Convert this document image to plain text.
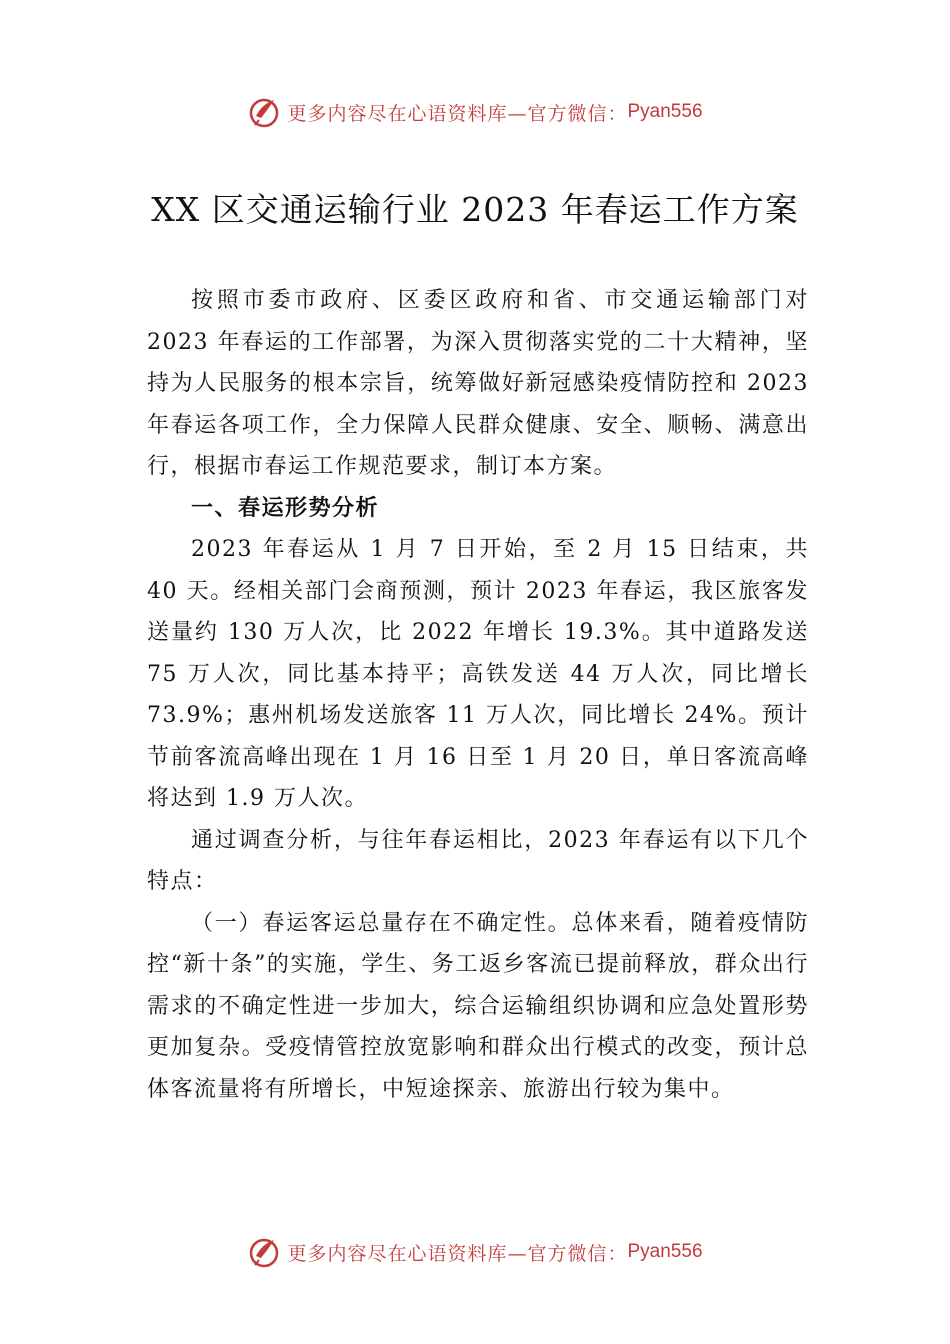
更多内容尽在心语资料库—官方微信： Pyan556
XX 区交通运输行业 2023 年春运工作方案

按照市委市政府、区委区政府和省、市交通运输部门对 2023 年春运的工作部署，为深入贯彻落实党的二十大精神，坚持为人民服务的根本宗旨，统筹做好新冠感染疫情防控和 2023 年春运各项工作，全力保障人民群众健康、安全、顺畅、满意出行，根据市春运工作规范要求，制订本方案。

一、春运形势分析

2023 年春运从 1 月 7 日开始，至 2 月 15 日结束，共 40 天。经相关部门会商预测，预计 2023 年春运，我区旅客发送量约 130 万人次，比 2022 年增长 19.3%。其中道路发送 75 万人次，同比基本持平；高铁发送 44 万人次，同比增长 73.9%；惠州机场发送旅客 11 万人次，同比增长 24%。预计节前客流高峰出现在 1 月 16 日至 1 月 20 日，单日客流高峰将达到 1.9 万人次。

通过调查分析，与往年春运相比，2023 年春运有以下几个特点：

（一）春运客运总量存在不确定性。总体来看，随着疫情防控“新十条”的实施，学生、务工返乡客流已提前释放，群众出行需求的不确定性进一步加大，综合运输组织协调和应急处置形势更加复杂。受疫情管控放宽影响和群众出行模式的改变，预计总体客流量将有所增长，中短途探亲、旅游出行较为集中。

更多内容尽在心语资料库—官方微信： Pyan556
